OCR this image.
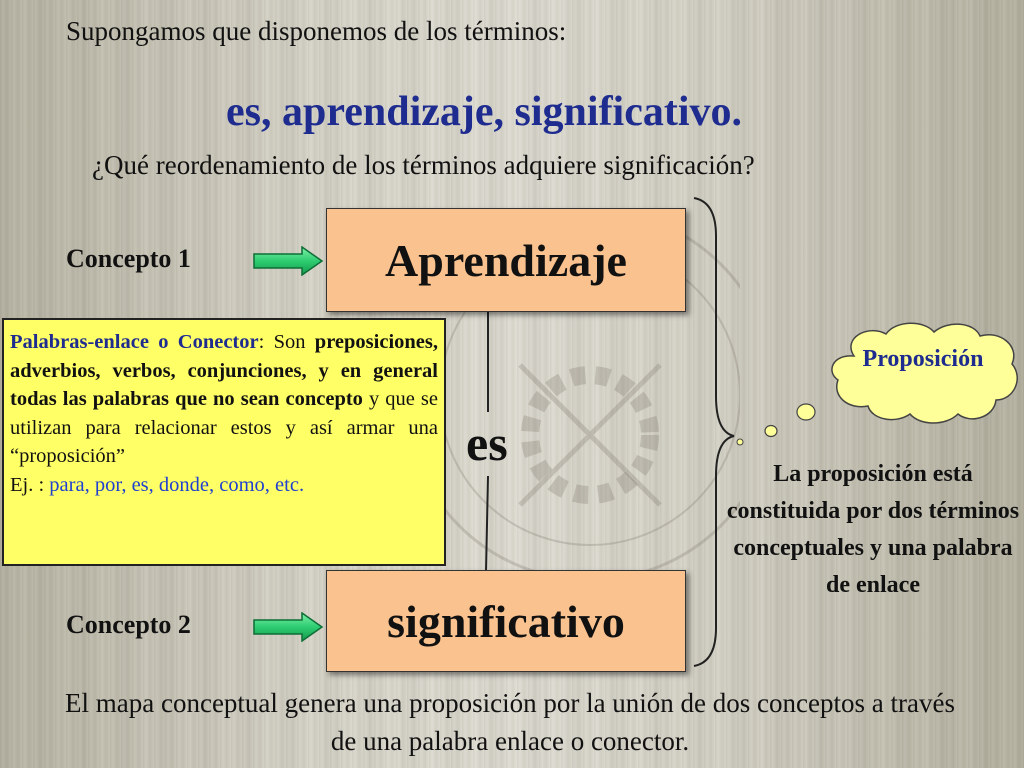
Supongamos que disponemos de los términos:
es, aprendizaje, significativo.
¿Qué reordenamiento de los términos adquiere significación?
Concepto 1
Concepto 2
Aprendizaje
significativo
es
Palabras-enlace o Conector: Son preposiciones, adverbios, verbos, conjunciones, y en general todas las palabras que no sean concepto y que se utilizan para relacionar estos y así armar una “proposición”
Ej. : para, por, es, donde, como, etc.
Proposición
La proposición está constituida por dos términos conceptuales y una palabra de enlace
El mapa conceptual genera una proposición por la unión de dos conceptos a través de una palabra enlace o conector.
